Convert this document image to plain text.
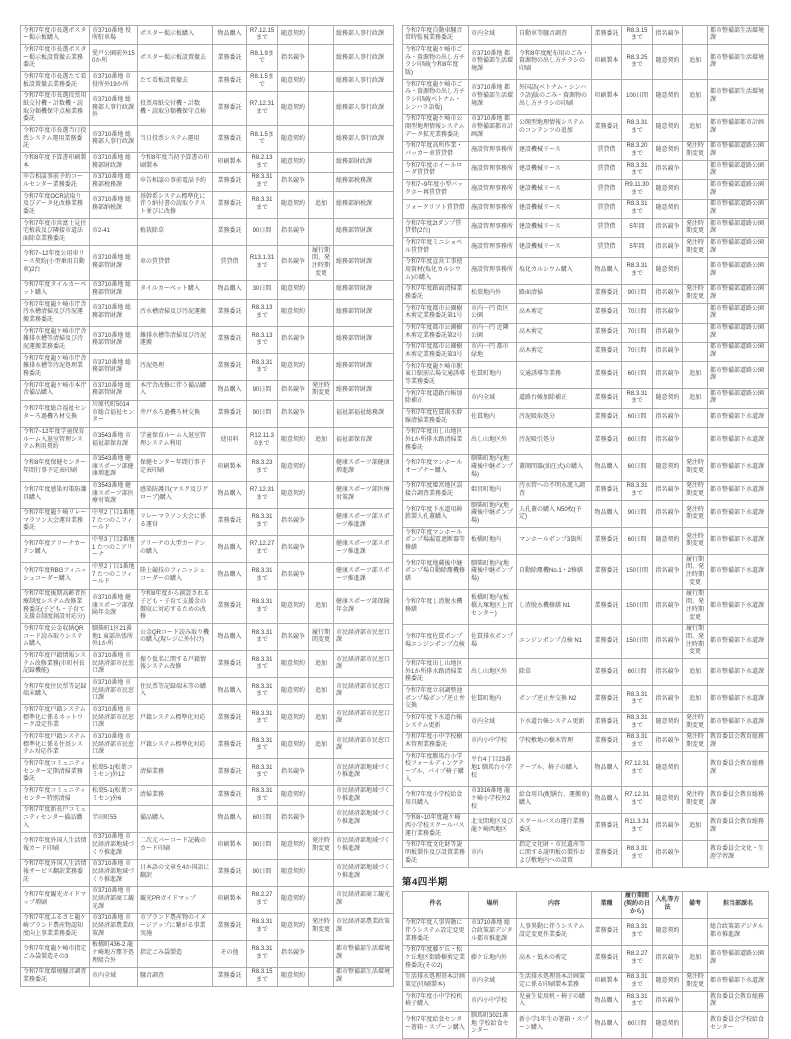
令和7年度市長選ポスター掲示板購入	市3710番地 役所駐車場	ポスター掲示板購入	物品購入	R7.12.15まで	随意契約		総務部人事行政課
令和7年度市長選ポスター掲示板設置撤去業務委託	愛戸公園前外150か所	ポスター掲示板設置撤去	業務委託	R8.1.9まで	指名競争		総務部人事行政課
令和7年度市長選たて看板設置撤去業務委託	市3710番地 市役所外19か所	たて看板設置撤去	業務委託	R8.1.5まで	随意契約		総務部人事行政課
令和7年度市長選投票用紙交付機・計数機・読取分類機保守点検業務委託	市3710番地 総務部人事行政課外	投票用紙交付機・計数機・読取分類機保守点検	業務委託	R7.12.31まで	随意契約		総務部人事行政課
令和7年度市長選当日投票システム運用業務委託	市3710番地 総務部人事行政課	当日投票システム運用	業務委託	R8.1.5まで	随意契約		総務部人事行政課
令和8年度予算書印刷製本	市3710番地 総務部財政課	令和8年度当初予算書の印刷製本	印刷製本	R8.2.13まで	随意契約		総務部財政課
申告相談事前予約コールセンター業務委託	市3710番地 総務部税務課	申告相談の事前電話予約	業務委託	R8.3.31まで	指名競争		総務部税務課
令和7年度OCR読取り及びデータ化改修業務委託	市3710番地 総務部納税課	基幹系システム標準化に伴う納付書の読取りテスト並びに改修	業務委託	R8.3.31まで	随意契約	追加	総務部納税課
令和7年度市営富士見住宅植栽及び隣接市道法面除草業務委託	市2-41	植栽除草	業務委託	90日間	指名競争		総務部管財課
令和7~12年度公用車リース契約(小型乗用自動車)2台	市3710番地 総務部管財課	車の賃貸借	賃貸借	R13.1.31まで	指名競争	履行期間、発注時期変更	総務部管財課
令和7年度タイルカーペット購入	市3710番地 総務部管財課	タイルカーペット購入	物品購入	30日間	随意契約		総務部管財課
令和7年度龍ケ崎市庁舎汚水槽清掃及び汚泥運搬業務委託	市3710番地 総務部管財課	汚水槽清掃及び汚泥運搬	業務委託	R8.3.13まで	随意契約		総務部管財課
令和7年度龍ケ崎市庁舎雑排水槽等清掃及び汚泥運搬業務委託	市3710番地 総務部管財課	雑排水槽等清掃及び汚泥運搬	業務委託	R8.3.13まで	指名競争		総務部管財課
令和7年度龍ケ崎市庁舎雑排水槽等汚泥処理業務委託	市3710番地 総務部管財課	汚泥処理	業務委託	R8.3.31まで	随意契約		総務部管財課
令和7年度龍ケ崎市本庁舎備品購入	市3710番地 総務部管財課	本庁舎改修に伴う備品購入	物品購入	90日間	指名競争	発注時期変更	総務部管財課
令和7年度総合福祉センターろ過機ろ材交換	川原代町5014 市総合福祉センター	井戸水ろ過機ろ材交換	業務委託	90日間	指名競争		福祉部福祉総務課
令和7~12年度学童保育ルーム入退室管理システム利用契約	市3543番地 市福祉部保育課	学童保育ルーム入退室管理システム利用	使用料	R12.11.30まで	随意契約	追加	福祉部保育課
令和8年度保健センター年間行事予定表印刷	市3543番地 健康スポーツ部健康増進課	保健センター年間行事予定表印刷	印刷製本	R8.3.23まで	随意契約		健康スポーツ部健康増進課
令和7年度感染対策防護具購入	市3543番地 健康スポーツ部医療対策課	感染防護具(マスク及びグローブ)購入	物品購入	R7.12.31まで	随意契約		健康スポーツ部医療対策課
令和7年度龍ケ崎リレーマラソン大会運営業務委託	中里2丁目1番地7 たつのこフィールド	リレーマラソン大会に係る運営	業務委託	R8.3.31まで	指名競争		健康スポーツ部スポーツ推進課
令和7年度アリーナカーテン購入	中里3丁目2番地1 たつのこアリーナ	アリーナの大型カーテンの購入	物品購入	R7.12.27まで	指名競争		健康スポーツ部スポーツ推進課
令和7年度RBGフィニッシュコーダー購入	中里2丁目1番地7 たつのこフィールド	陸上競技のフィニッシュコーダーの購入	物品購入	R8.3.31まで	指名競争		健康スポーツ部スポーツ推進課
令和7年度後期高齢者医療制度システム改修業務委託(子ども・子育て支援金制度創設対応分)	市3710番地 健康スポーツ部保険年金課	令和8年度から創設される子ども・子育て支援金の徴収に対応するための改修	業務委託	R8.3.31まで	随意契約	追加	健康スポーツ部保険年金課
令和7年度公金収納QRコード読み取りシステム購入	馴柴町1区21番地1 東部出張所外1か所	公金QRコード読み取り機の購入(現レジに外付け)	物品購入	R8.3.31まで	指名競争	履行期間変更	市民経済部市民窓口課
令和7年度戸籍情報システム改修業務(市町村長記録機能)	市3710番地 市民経済部市民窓口課	振り仮名に関する戸籍情報システム改修	業務委託	R8.3.31まで	随意契約	追加	市民経済部市民窓口課
令和7年度住民票等記録端末購入	市3710番地 市民経済部市民窓口課	住民票等記録端末等の購入	物品購入	R8.3.31まで	随意契約	追加	市民経済部市民窓口課
令和7年度戸籍システム標準化に係るネットワーク設定作業	市3710番地 市民経済部市民窓口課	戸籍システム標準化対応	業務委託	R8.3.31まで	随意契約	追加	市民経済部市民窓口課
令和7年度戸籍システム標準化に係る住基システム対応作業	市3710番地 市民経済部市民窓口課	戸籍システム標準化対応	業務委託	R8.3.31まで	随意契約	追加	市民経済部市民窓口課
令和7年度コミュニティセンター定期清掃業務委託	松葉5-1(松葉コミセン)外12	清掃業務	業務委託	R8.3.31まで	指名競争		市民経済部地域づくり推進課
令和7年度コミュニティセンター特別清掃	松葉5-1(松葉コミセン)外6	清掃業務	業務委託	R8.3.31まで	随意契約		市民経済部地域づくり推進課
令和7年度新長戸コミュニティセンター備品購入	半田町55	備品購入	物品購入	60日間	指名競争		市民経済部地域づくり推進課
令和7年度外国人生活情報カード印刷	市3710番地 市民経済部地域づくり推進課	二次元バーコード記載のカード印刷	印刷製本	90日間	随意契約	発注時期変更	市民経済部地域づくり推進課
令和7年度外国人生活情報サービス翻訳業務委託	市3710番地 市民経済部地域づくり推進課	日本語の文章を4か国語に翻訳	業務委託	90日間	随意契約		市民経済部地域づくり推進課
令和7年度観光ガイドマップ増刷	市3710番地 市民経済部商工観光課	観光PRガイドマップ	印刷製本	R8.2.27まで	随意契約		市民経済部商工観光課
令和7年度ふるさと龍ケ崎ブランド農産物認知度向上事業業務委託	市3710番地 市民経済部農業政策課	市ブランド農産物のイメージアップに繋がる事業実施	業務委託	R8.3.31まで	随意契約	発注時期変更	市民経済部農業政策課
令和7年度龍ケ崎市指定ごみ袋製造その3	板橋町436-2 龍ケ崎地方塵芥処理組合外	指定ごみ袋製造	その他	R8.3.31まで	指名競争		都市整備部生活環境課
令和7年度環境騒音調査業務委託	市内全域	騒音調査	業務委託	R8.3.15まで	随意契約		都市整備部生活環境課
令和7年度自動車騒音常時監視業務委託	市内全域	自動車等騒音調査	業務委託	R8.3.15まで	指名競争		都市整備部生活環境課
令和7年度龍ケ崎市ごみ・資源物の出し方チラシ印刷(令和8年度版)	市3710番地 都市整備部生活環境課	令和8年度配布用のごみ・資源物の出し方チラシの印刷	印刷製本	R8.3.25まで	随意契約	追加	都市整備部生活環境課
令和7年度龍ケ崎市ごみ・資源物の出し方チラシ印刷(ベトナム・シンハラ語版)	市3710番地 都市整備部生活環境課	外国語(ベトナム・シンハラ語)版のごみ・資源物の出し方チラシの印刷	印刷製本	100日間	随意契約	追加	都市整備部生活環境課
令和7年度龍ケ崎市公開型地理情報システムデータ拡充業務委託	市3710番地 都市整備部都市計画課	公開型地理情報システムのコンテンツの追加	業務委託	R8.3.31まで	随意契約	追加	都市整備部都市計画課
令和7年度高所作業・パッカー車賃貸借	施設管理事務所	建設機械リース	賃貸借	R8.3.20まで	随意契約	発注時期変更	都市整備部道路公園課
令和7年度ホイールローダ賃貸借	施設管理事務所	建設機械リース	賃貸借	R8.3.31まで	指名競争		都市整備部道路公園課
令和7~9年度小型バックホー再賃貸借	施設管理事務所	建設機械リース	賃貸借	R9.11.30まで	随意契約		都市整備部道路公園課
フォークリフト賃貸借	施設管理事務所	建設機械リース	賃貸借	R8.3.31まで	随意契約		都市整備部道路公園課
令和7年度2tダンプ賃貸借(2台)	施設管理事務所	建設機械リース	賃貸借	5年間	指名競争	発注時期変更	都市整備部道路公園課
令和7年度ミニショベル賃貸借	施設管理事務所	建設機械リース	賃貸借	5年間	指名競争	発注時期変更	都市整備部道路公園課
令和7年度直営工事使用資材(塩化カルシウム)の購入	施設管理事務所	塩化カルシウム購入	物品購入	R8.3.31まで	随意契約		都市整備部道路公園課
令和7年度路面清掃業務委託	松葉地内外	路面清掃	業務委託	90日間	指名競争	発注時期変更	都市整備部道路公園課
令和7年度都市公園樹木剪定業務委託第1号	市内一円 街区公園	高木剪定	業務委託	70日間	指名競争		都市整備部道路公園課
令和7年度都市公園樹木剪定業務委託第2号	市内一円 近隣公園	高木剪定	業務委託	70日間	指名競争		都市整備部道路公園課
令和7年度都市公園樹木剪定業務委託第3号	市内一円 都市緑地	高木剪定	業務委託	70日間	指名競争		都市整備部道路公園課
令和7年度龍ケ崎市駅東口駅前広場交通誘導等業務委託	佐貫町地内	交通誘導等業務	業務委託	60日間	指名競争	追加	都市整備部道路公園課
令和7年度道路台帳加除補正	市内全域	道路台帳加除補正	業務委託	R8.3.31まで	随意契約	追加	都市整備部道路公園課
令和7年度佐貫雨水幹線清掃業務委託	佐貫地内	汚泥吸取処分	業務委託	60日間	指名競争		都市整備部下水道課
令和7年度出し山地区外1か所排水路清掃業務委託	出し山地区外	汚泥吸引処分	業務委託	60日間	指名競争		都市整備部下水道課
令和7年度マンホールオープナー購入	馴柴町地内(地蔵後中継ポンプ場)	蓋開閉器(油圧式)の購入	物品購入	60日間	随意契約	発注時期変更	都市整備部下水道課
令和7年度姫宮地区誤接合調査業務委託	姫宮町地内	汚水管への不明水流入調査	業務委託	R8.3.31まで	指名競争	発注時期変更	都市整備部下水道課
令和7年度下水道用鋳鉄製人孔蓋購入	馴柴町地内(地蔵後中継ポンプ場)	人孔蓋の購入 N50枚(予定)	物品購入	90日間	指名競争	発注時期変更	都市整備部下水道課
令和7年度マンホールポンプ場漏電遮断器等修繕	板橋町地内	マンホールポンプ3箇所	業務委託	60日間	随意契約	発注時期変更	都市整備部下水道課
令和7年度地蔵後中継ポンプ場自動除塵機修繕	馴柴町地内(地蔵後中継ポンプ場)	自動除塵機No.1・2修繕	業務委託	150日間	指名競争	履行期間、発注時期変更	都市整備部下水道課
令和7年度し渣脱水機修繕	板橋町地内(板橋大塚地区上宮センター)	し渣脱水機修繕 N1	業務委託	150日間	指名競争	履行期間、発注時期変更	都市整備部下水道課
令和7年度佐貫ポンプ場エンジンポンプ点検	佐貫排水ポンプ場	エンジンポンプ点検 N1	業務委託	150日間	指名競争	履行期間、発注時期変更	都市整備部下水道課
令和7年度出し山地区外1か所排水路清掃業務委託	出し山地区外	除草	業務委託	60日間	指名競争	追加	都市整備部下水道課
令和7年度立羽調整池ポンプ場ポンプ逆止弁交換	佐貫町地内	ポンプ逆止弁交換 N2	業務委託	R8.3.31まで	指名競争	追加	都市整備部下水道課
令和7年度下水道台帳システム更新	市内全域	下水道台帳システム更新	業務委託	R8.3.31まで	随意契約	発注時期変更	都市整備部下水道課
令和7年度小中学校樹木管理業務委託	市内小中学校	学校敷地の樹木管理	業務委託	R8.3.31まで	指名競争	発注時期変更	教育委員会教育総務課
令和7年度馴馬台小学校フォールディングテーブル、パイプ椅子購入	平台4丁目23番地1 馴馬台小学校	テーブル、椅子の購入	物品購入	R7.12.31まで	随意契約		教育委員会教育総務課
令和7年度小学校給食用具購入	市3316番地 龍ケ崎小学校外2校	給食用具(配膳台、運搬車)購入	物品購入	R7.12.31まで	随意契約	発注時期変更	教育委員会教育総務課
令和8~10年度龍ケ崎西小学校スクールバス運行業務委託	北文間地区及び龍ケ崎西地区	スクールバスの運行業務委託	業務委託	R11.3.31まで	指名競争	追加	教育委員会教育総務課
令和7年度文化財等説明板製作及び設置業務委託	市内	指定文化財・市民遺産等に関する説明板の製作および敷地内への設置	業務委託	R8.3.31まで	指名競争		教育委員会文化・生涯学習課
第4四半期
件名	場所	内容	業種	履行期間(契約の日から)	入札等方法	備考	担当部課名
令和7年度人事異動に伴うシステム設定変更業務委託	市3710番地 総合政策部デジタル都市推進課	人事異動に伴うシステム設定変更作業委託	業務委託	R8.3.31まで	随意契約		総合政策部デジタル都市推進課
令和7年度藤ケ丘・松ケ丘地区街路樹剪定業務委託(その2)	藤ケ丘地内外	高木・低木の剪定	業務委託	R8.2.27まで	指名競争	追加	都市整備部道路公園課
生活排水処理基本計画策定(印刷製本)	市内全域	生活排水処理基本計画策定に係る印刷製本業務	印刷製本	R8.3.31まで	随意契約	発注時期変更	都市整備部下水道課
令和7年度小中学校机椅子購入	市内小中学校	児童生徒用机・椅子の購入	物品購入	R8.3.31まで	指名競争		教育委員会教育総務課
令和7年度給食センター箸箱・スプーン購入	馴馬町3021番地 学校給食センター	新小学1年生の箸箱・スプーン購入	物品購入	60日間	随意契約		教育委員会学校給食センター
